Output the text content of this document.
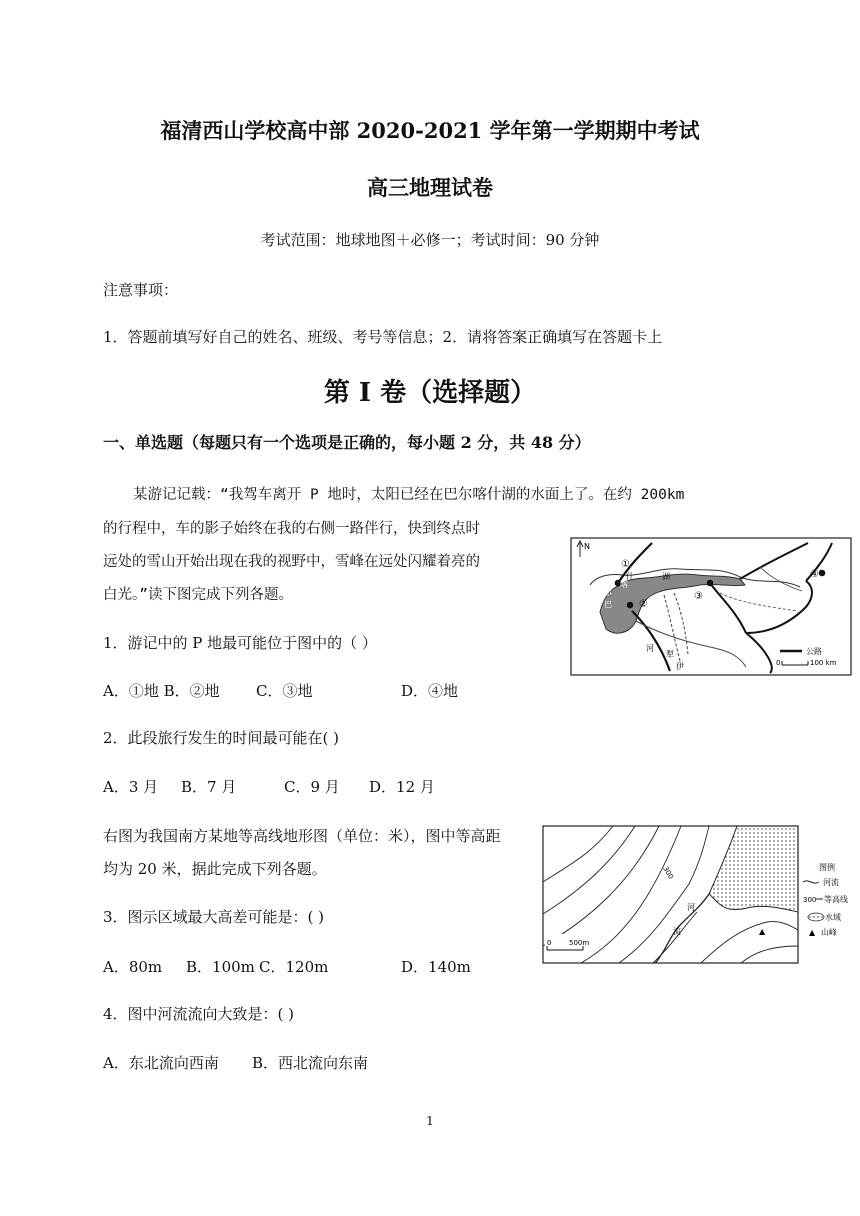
福清西山学校高中部 2020-2021 学年第一学期期中考试
高三地理试卷
考试范围：地球地图＋必修一；考试时间：90 分钟
注意事项：
1．答题前填写好自己的姓名、班级、考号等信息；2．请将答案正确填写在答题卡上
第 I 卷（选择题）
一、单选题（每题只有一个选项是正确的，每小题 2 分，共 48 分）
某游记记载：“我驾车离开 P 地时，太阳已经在巴尔喀什湖的水面上了。在约 200km
的行程中，车的影子始终在我的右侧一路伴行，快到终点时
远处的雪山开始出现在我的视野中，雪峰在远处闪耀着亮的
白光。”读下图完成下列各题。
1．游记中的 P 地最可能位于图中的（ ）
A．①地 B．②地 C．③地	D．④地
2．此段旅行发生的时间最可能在( )
A．3 月 B．7 月	C．9 月 D．12 月
右图为我国南方某地等高线地形图（单位：米），图中等高距
均为 20 米，据此完成下列各题。
3．图示区域最大高差可能是：( )
A．80m B．100m C．120m	D．140m
4．图中河流流向大致是：( )
A．东北流向西南 B．西北流向东南
1
N
①
②
③
④
巴
尔
喀
什	湖
河
犁
伊
公路
0	100 km
300
河
流	▲
0	500m
图例
河流
300 等高线
水域
▲ 山峰
